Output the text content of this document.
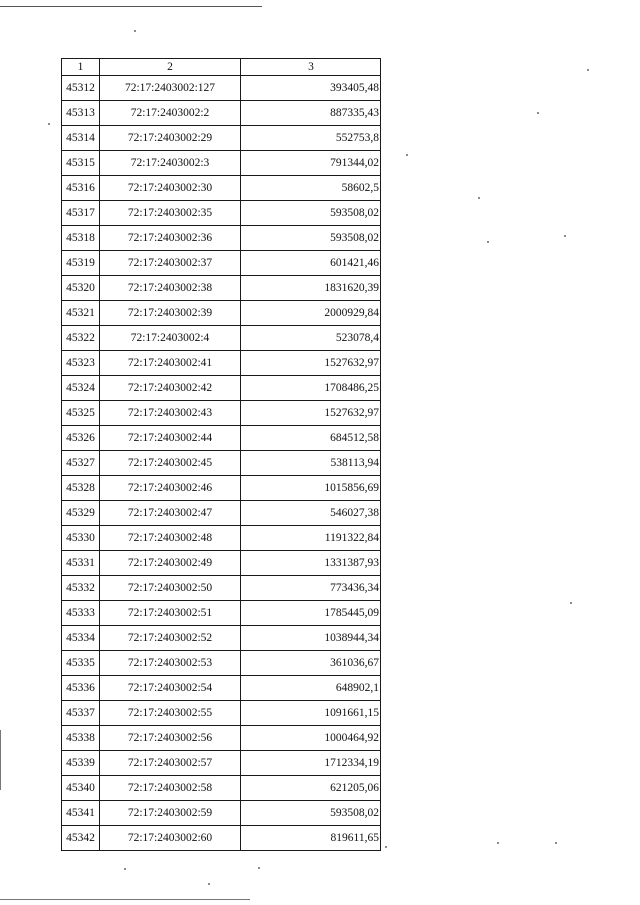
1	2	3
45312	72:17:2403002:127	393405,48
45313	72:17:2403002:2	887335,43
45314	72:17:2403002:29	552753,8
45315	72:17:2403002:3	791344,02
45316	72:17:2403002:30	58602,5
45317	72:17:2403002:35	593508,02
45318	72:17:2403002:36	593508,02
45319	72:17:2403002:37	601421,46
45320	72:17:2403002:38	1831620,39
45321	72:17:2403002:39	2000929,84
45322	72:17:2403002:4	523078,4
45323	72:17:2403002:41	1527632,97
45324	72:17:2403002:42	1708486,25
45325	72:17:2403002:43	1527632,97
45326	72:17:2403002:44	684512,58
45327	72:17:2403002:45	538113,94
45328	72:17:2403002:46	1015856,69
45329	72:17:2403002:47	546027,38
45330	72:17:2403002:48	1191322,84
45331	72:17:2403002:49	1331387,93
45332	72:17:2403002:50	773436,34
45333	72:17:2403002:51	1785445,09
45334	72:17:2403002:52	1038944,34
45335	72:17:2403002:53	361036,67
45336	72:17:2403002:54	648902,1
45337	72:17:2403002:55	1091661,15
45338	72:17:2403002:56	1000464,92
45339	72:17:2403002:57	1712334,19
45340	72:17:2403002:58	621205,06
45341	72:17:2403002:59	593508,02
45342	72:17:2403002:60	819611,65
